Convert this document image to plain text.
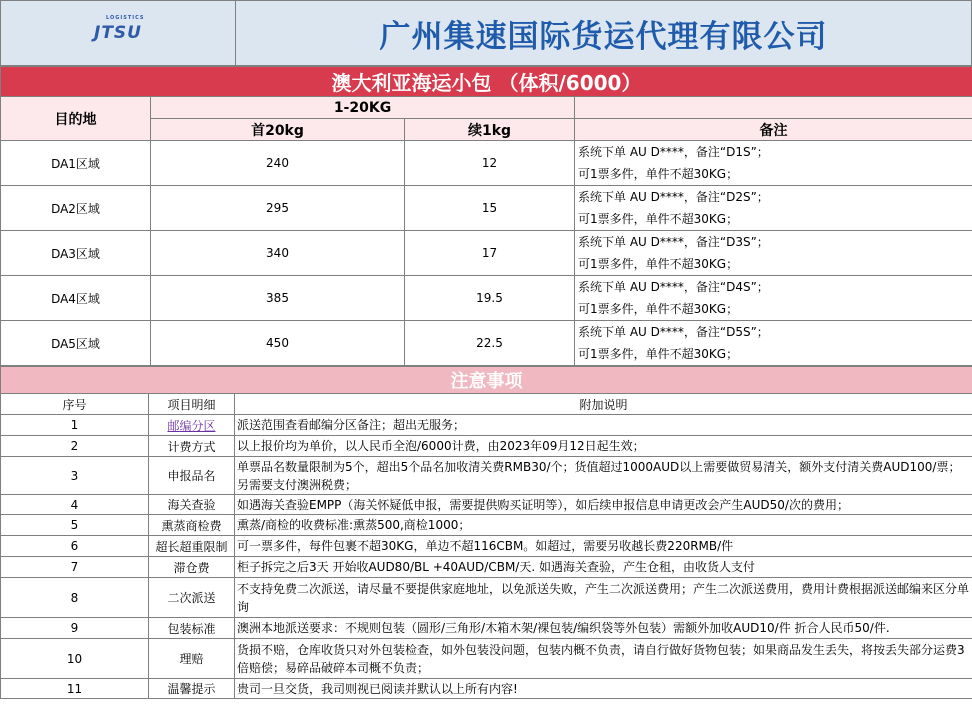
LOGISTICS
JTSU	广州集速国际货运代理有限公司
澳大利亚海运小包 （体积/6000）			
目的地	1-20KG		
	首20kg	续1kg	备注
DA1区域	240	12	系统下单 AU D****，备注“D1S”；
可1票多件，单件不超30KG；

DA2区域	295	15	系统下单 AU D****，备注“D2S”；
可1票多件，单件不超30KG；

DA3区域	340	17	系统下单 AU D****，备注“D3S”；
可1票多件，单件不超30KG；

DA4区域	385	19.5	系统下单 AU D****，备注“D4S”；
可1票多件，单件不超30KG；

DA5区域	450	22.5	系统下单 AU D****，备注“D5S”；
可1票多件，单件不超30KG；
注意事项		
序号	项目明细	附加说明
1	邮编分区	派送范围查看邮编分区备注；超出无服务；
2	计费方式	以上报价均为单价，以人民币全泡/6000计费，由2023年09月12日起生效；
3	申报品名	单票品名数量限制为5个，超出5个品名加收清关费RMB30/个；货值超过1000AUD以上需要做贸易清关，额外支付清关费AUD100/票；另需要支付澳洲税费；
4	海关查验	如遇海关查验EMPP（海关怀疑低申报，需要提供购买证明等），如后续申报信息申请更改会产生AUD50/次的费用；
5	熏蒸商检费	熏蒸/商检的收费标准:熏蒸500,商检1000；
6	超长超重限制	可一票多件，每件包裹不超30KG，单边不超116CBM。如超过，需要另收越长费220RMB/件
7	滞仓费	柜子拆完之后3天 开始收AUD80/BL +40AUD/CBM/天. 如遇海关查验，产生仓租，由收货人支付
8	二次派送	不支持免费二次派送，请尽量不要提供家庭地址，以免派送失败，产生二次派送费用；产生二次派送费用，费用计费根据派送邮编来区分单询
9	包装标准	澳洲本地派送要求：不规则包装（圆形/三角形/木箱木架/裸包装/编织袋等外包装）需额外加收AUD10/件 折合人民币50/件.
10	理赔	货损不赔，仓库收货只对外包装检查，如外包装没问题，包装内概不负责，请自行做好货物包装；如果商品发生丢失，将按丢失部分运费3倍赔偿；易碎品破碎本司概不负责；
11	温馨提示	贵司一旦交货，我司则视已阅读并默认以上所有内容!
